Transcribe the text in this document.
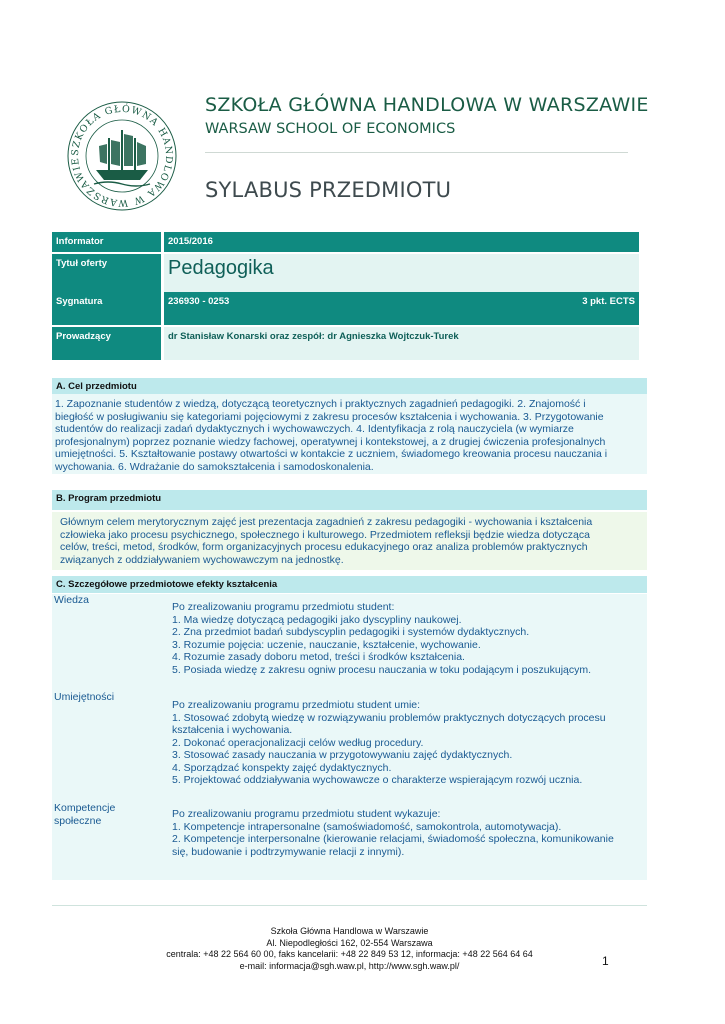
SZKOŁA GŁÓWNA HANDLOWA W WARSZAWIE
SZKOŁA GŁÓWNA HANDLOWA W WARSZAWIE
WARSAW SCHOOL OF ECONOMICS
SYLABUS PRZEDMIOTU
Informator	2015/2016
Tytuł oferty	Pedagogika
Sygnatura	236930 - 0253	3 pkt. ECTS
Prowadzący	dr Stanisław Konarski oraz zespół: dr Agnieszka Wojtczuk-Turek
A. Cel przedmiotu

1. Zapoznanie studentów z wiedzą, dotyczącą teoretycznych i praktycznych zagadnień pedagogiki. 2. Znajomość i

biegłość w posługiwaniu się kategoriami pojęciowymi z zakresu procesów kształcenia i wychowania. 3. Przygotowanie

studentów do realizacji zadań dydaktycznych i wychowawczych. 4. Identyfikacja z rolą nauczyciela (w wymiarze

profesjonalnym) poprzez poznanie wiedzy fachowej, operatywnej i kontekstowej, a z drugiej ćwiczenia profesjonalnych

umiejętności. 5. Kształtowanie postawy otwartości w kontakcie z uczniem, świadomego kreowania procesu nauczania i

wychowania. 6. Wdrażanie do samokształcenia i samodoskonalenia.

B. Program przedmiotu

Głównym celem merytorycznym zajęć jest prezentacja zagadnień z zakresu pedagogiki - wychowania i kształcenia

człowieka jako procesu psychicznego, społecznego i kulturowego. Przedmiotem refleksji będzie wiedza dotycząca

celów, treści, metod, środków, form organizacyjnych procesu edukacyjnego oraz analiza problemów praktycznych

związanych z oddziaływaniem wychowawczym na jednostkę.

C. Szczegółowe przedmiotowe efekty kształcenia
Wiedza

Po zrealizowaniu programu przedmiotu student:

1. Ma wiedzę dotyczącą pedagogiki jako dyscypliny naukowej.

2. Zna przedmiot badań subdyscyplin pedagogiki i systemów dydaktycznych.

3. Rozumie pojęcia: uczenie, nauczanie, kształcenie, wychowanie.

4. Rozumie zasady doboru metod, treści i środków kształcenia.

5. Posiada wiedzę z zakresu ogniw procesu nauczania w toku podającym i poszukującym.

Umiejętności

Po zrealizowaniu programu przedmiotu student umie:

1. Stosować zdobytą wiedzę w rozwiązywaniu problemów praktycznych dotyczących procesu

kształcenia i wychowania.

2. Dokonać operacjonalizacji celów według procedury.

3. Stosować zasady nauczania w przygotowywaniu zajęć dydaktycznych.

4. Sporządzać konspekty zajęć dydaktycznych.

5. Projektować oddziaływania wychowawcze o charakterze wspierającym rozwój ucznia.

Kompetencje
społeczne

Po zrealizowaniu programu przedmiotu student wykazuje:

1. Kompetencje intrapersonalne (samoświadomość, samokontrola, automotywacja).

2. Kompetencje interpersonalne (kierowanie relacjami, świadomość społeczna, komunikowanie

się, budowanie i podtrzymywanie relacji z innymi).

Szkoła Główna Handlowa w Warszawie
Al. Niepodległości 162, 02-554 Warszawa
centrala: +48 22 564 60 00, faks kancelarii: +48 22 849 53 12, informacja: +48 22 564 64 64
e-mail: informacja@sgh.waw.pl, http://www.sgh.waw.pl/	1
